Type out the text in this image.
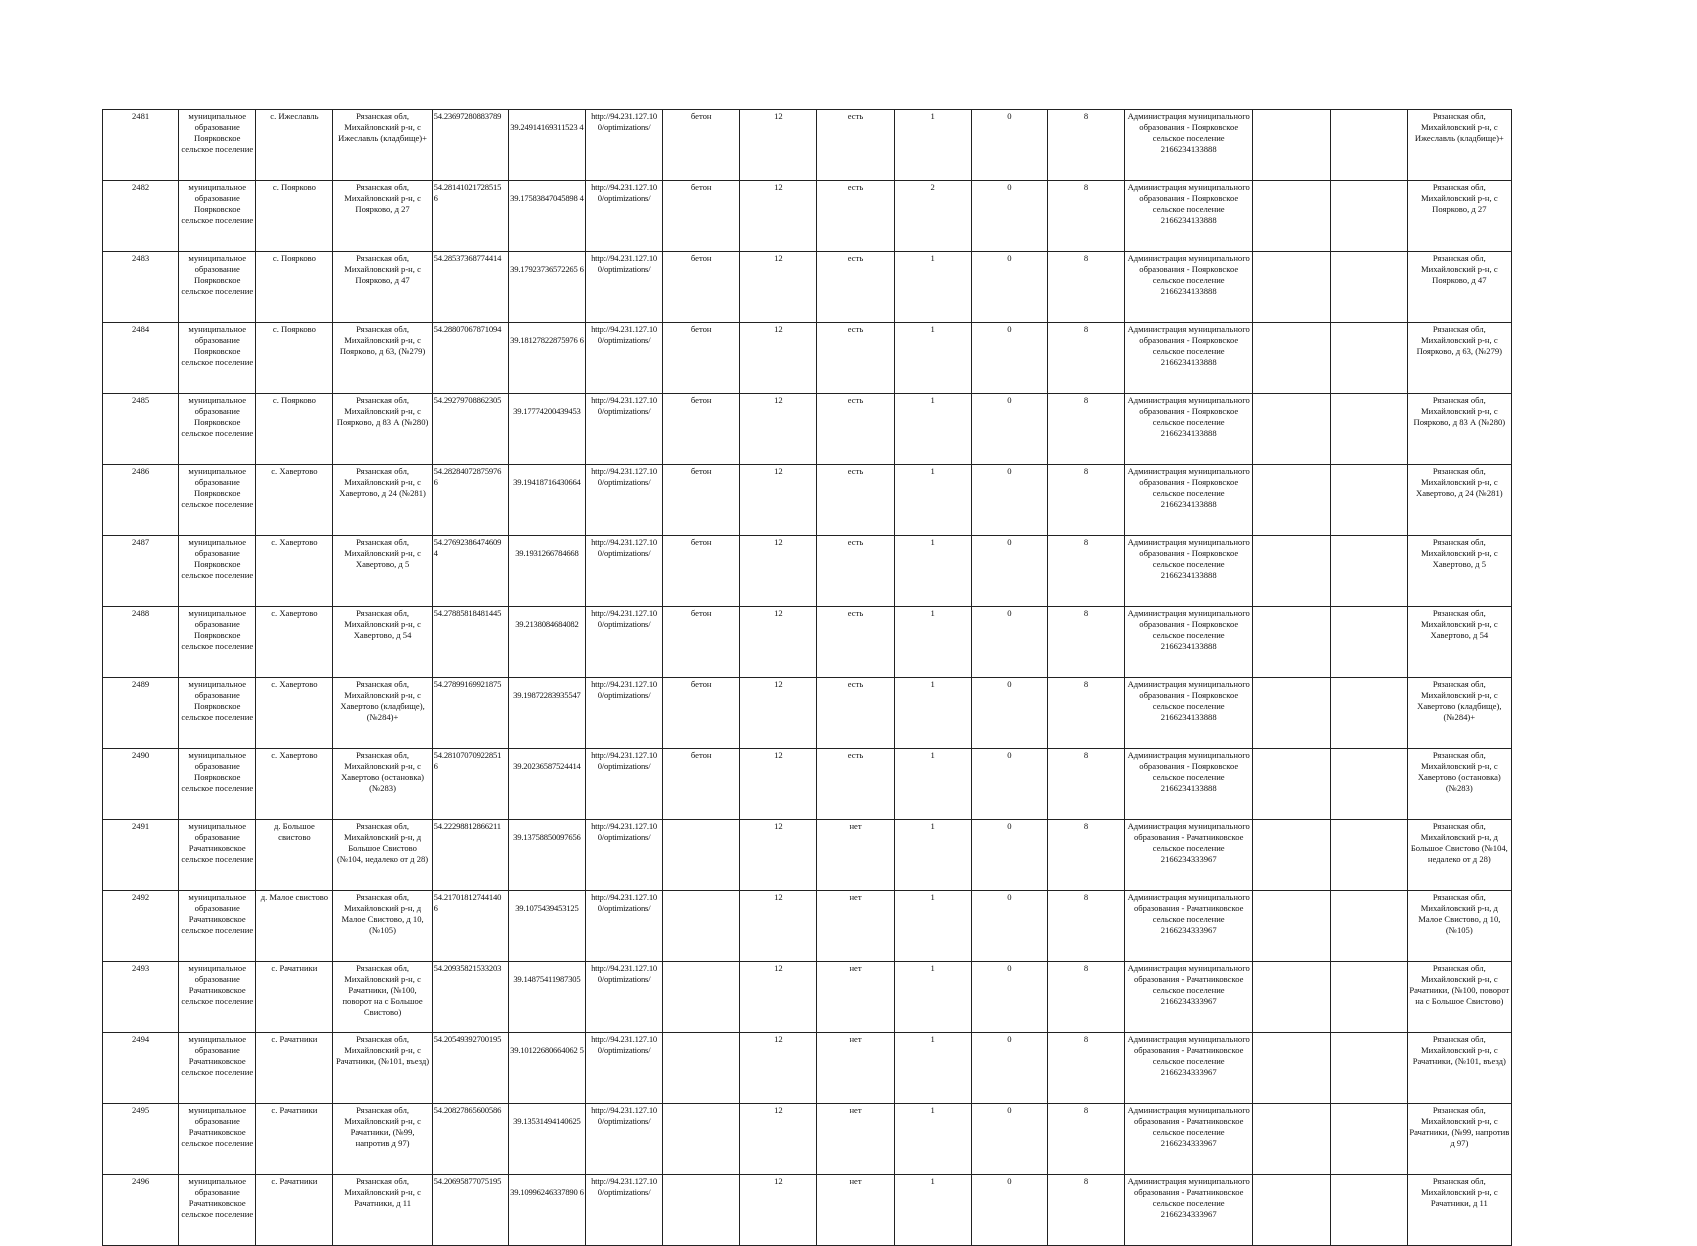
2481	муниципальное образование Поярковское сельское поселение	с. Ижеславль	Рязанская обл, Михайловский р-н, с Ижеславль (кладбище)+	54.23697280883789	39.24914169311523 4	http://94.231.127.10 0/optimizations/	бетон	12	есть	1	0	8	Администрация муниципального образования - Поярковское сельское поселение 2166234133888			Рязанская обл, Михайловский р-н, с Ижеславль (кладбище)+
2482	муниципальное образование Поярковское сельское поселение	с. Поярково	Рязанская обл, Михайловский р-н, с Поярково, д 27	54.28141021728515 6	39.17583847045898 4	http://94.231.127.10 0/optimizations/	бетон	12	есть	2	0	8	Администрация муниципального образования - Поярковское сельское поселение 2166234133888			Рязанская обл, Михайловский р-н, с Поярково, д 27
2483	муниципальное образование Поярковское сельское поселение	с. Поярково	Рязанская обл, Михайловский р-н, с Поярково, д 47	54.28537368774414	39.17923736572265 6	http://94.231.127.10 0/optimizations/	бетон	12	есть	1	0	8	Администрация муниципального образования - Поярковское сельское поселение 2166234133888			Рязанская обл, Михайловский р-н, с Поярково, д 47
2484	муниципальное образование Поярковское сельское поселение	с. Поярково	Рязанская обл, Михайловский р-н, с Поярково, д 63, (№279)	54.28807067871094	39.18127822875976 6	http://94.231.127.10 0/optimizations/	бетон	12	есть	1	0	8	Администрация муниципального образования - Поярковское сельское поселение 2166234133888			Рязанская обл, Михайловский р-н, с Поярково, д 63, (№279)
2485	муниципальное образование Поярковское сельское поселение	с. Поярково	Рязанская обл, Михайловский р-н, с Поярково, д 83 А (№280)	54.29279708862305	39.17774200439453	http://94.231.127.10 0/optimizations/	бетон	12	есть	1	0	8	Администрация муниципального образования - Поярковское сельское поселение 2166234133888			Рязанская обл, Михайловский р-н, с Поярково, д 83 А (№280)
2486	муниципальное образование Поярковское сельское поселение	с. Хавертово	Рязанская обл, Михайловский р-н, с Хавертово, д 24 (№281)	54.28284072875976 6	39.19418716430664	http://94.231.127.10 0/optimizations/	бетон	12	есть	1	0	8	Администрация муниципального образования - Поярковское сельское поселение 2166234133888			Рязанская обл, Михайловский р-н, с Хавертово, д 24 (№281)
2487	муниципальное образование Поярковское сельское поселение	с. Хавертово	Рязанская обл, Михайловский р-н, с Хавертово, д 5	54.27692386474609 4	39.1931266784668	http://94.231.127.10 0/optimizations/	бетон	12	есть	1	0	8	Администрация муниципального образования - Поярковское сельское поселение 2166234133888			Рязанская обл, Михайловский р-н, с Хавертово, д 5
2488	муниципальное образование Поярковское сельское поселение	с. Хавертово	Рязанская обл, Михайловский р-н, с Хавертово, д 54	54.27885818481445	39.2138084684082	http://94.231.127.10 0/optimizations/	бетон	12	есть	1	0	8	Администрация муниципального образования - Поярковское сельское поселение 2166234133888			Рязанская обл, Михайловский р-н, с Хавертово, д 54
2489	муниципальное образование Поярковское сельское поселение	с. Хавертово	Рязанская обл, Михайловский р-н, с Хавертово (кладбище), (№284)+	54.27899169921875	39.19872283935547	http://94.231.127.10 0/optimizations/	бетон	12	есть	1	0	8	Администрация муниципального образования - Поярковское сельское поселение 2166234133888			Рязанская обл, Михайловский р-н, с Хавертово (кладбище), (№284)+
2490	муниципальное образование Поярковское сельское поселение	с. Хавертово	Рязанская обл, Михайловский р-н, с Хавертово (остановка) (№283)	54.28107070922851 6	39.20236587524414	http://94.231.127.10 0/optimizations/	бетон	12	есть	1	0	8	Администрация муниципального образования - Поярковское сельское поселение 2166234133888			Рязанская обл, Михайловский р-н, с Хавертово (остановка) (№283)
2491	муниципальное образование Рачатниковское сельское поселение	д. Большое свистово	Рязанская обл, Михайловский р-н, д Большое Свистово (№104, недалеко от д 28)	54.22298812866211	39.13758850097656	http://94.231.127.10 0/optimizations/		12	нет	1	0	8	Администрация муниципального образования - Рачатниковское сельское поселение 2166234333967			Рязанская обл, Михайловский р-н, д Большое Свистово (№104, недалеко от д 28)
2492	муниципальное образование Рачатниковское сельское поселение	д. Малое свистово	Рязанская обл, Михайловский р-н, д Малое Свистово, д 10, (№105)	54.21701812744140 6	39.1075439453125	http://94.231.127.10 0/optimizations/		12	нет	1	0	8	Администрация муниципального образования - Рачатниковское сельское поселение 2166234333967			Рязанская обл, Михайловский р-н, д Малое Свистово, д 10, (№105)
2493	муниципальное образование Рачатниковское сельское поселение	с. Рачатники	Рязанская обл, Михайловский р-н, с Рачатники, (№100, поворот на с Большое Свистово)	54.20935821533203	39.14875411987305	http://94.231.127.10 0/optimizations/		12	нет	1	0	8	Администрация муниципального образования - Рачатниковское сельское поселение 2166234333967			Рязанская обл, Михайловский р-н, с Рачатники, (№100, поворот на с Большое Свистово)
2494	муниципальное образование Рачатниковское сельское поселение	с. Рачатники	Рязанская обл, Михайловский р-н, с Рачатники, (№101, въезд)	54.20549392700195	39.10122680664062 5	http://94.231.127.10 0/optimizations/		12	нет	1	0	8	Администрация муниципального образования - Рачатниковское сельское поселение 2166234333967			Рязанская обл, Михайловский р-н, с Рачатники, (№101, въезд)
2495	муниципальное образование Рачатниковское сельское поселение	с. Рачатники	Рязанская обл, Михайловский р-н, с Рачатники, (№99, напротив д 97)	54.20827865600586	39.13531494140625	http://94.231.127.10 0/optimizations/		12	нет	1	0	8	Администрация муниципального образования - Рачатниковское сельское поселение 2166234333967			Рязанская обл, Михайловский р-н, с Рачатники, (№99, напротив д 97)
2496	муниципальное образование Рачатниковское сельское поселение	с. Рачатники	Рязанская обл, Михайловский р-н, с Рачатники, д 11	54.20695877075195	39.10996246337890 6	http://94.231.127.10 0/optimizations/		12	нет	1	0	8	Администрация муниципального образования - Рачатниковское сельское поселение 2166234333967			Рязанская обл, Михайловский р-н, с Рачатники, д 11
